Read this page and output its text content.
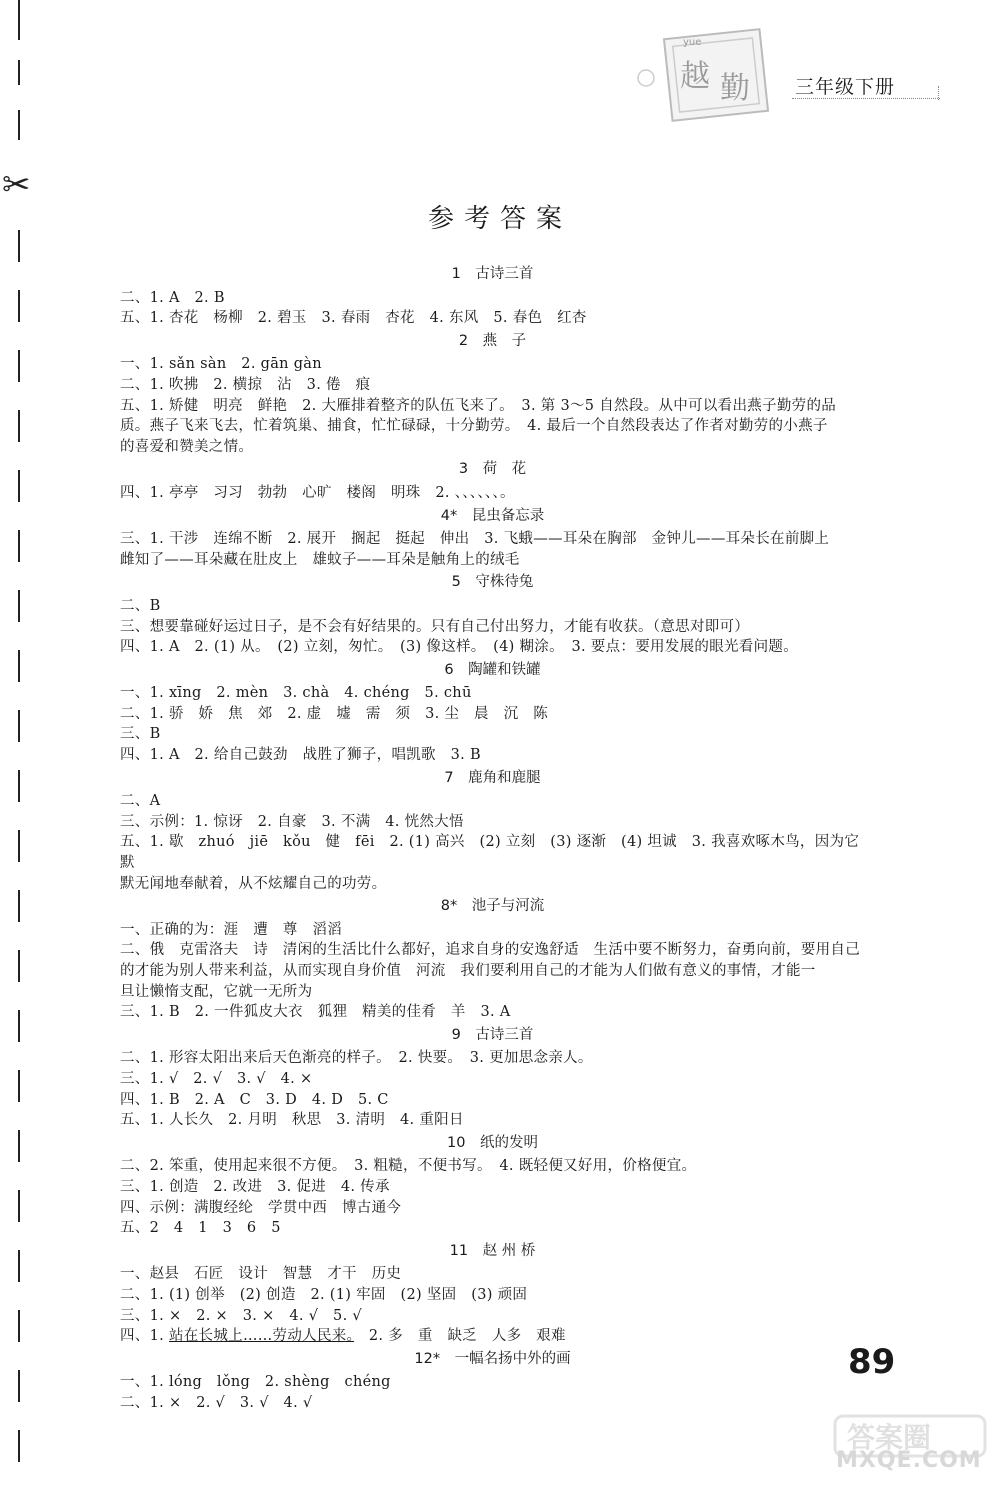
✂
yue
越 勤 三年级下册
参考答案
1　古诗三首
二、1. A　2. B
五、1. 杏花　杨柳　2. 碧玉　3. 春雨　杏花　4. 东风　5. 春色　红杏
2　燕　子
一、1. sǎn sàn　2. gān gàn
二、1. 吹拂　2. 横掠　沾　3. 倦　痕
五、1. 矫健　明亮　鲜艳　2. 大雁排着整齐的队伍飞来了。　3. 第 3～5 自然段。从中可以看出燕子勤劳的品
质。燕子飞来飞去，忙着筑巢、捕食，忙忙碌碌，十分勤劳。　4. 最后一个自然段表达了作者对勤劳的小燕子
的喜爱和赞美之情。
3　荷　花
四、1. 亭亭　习习　勃勃　心旷　楼阁　明珠　2. 、、、、、、。
4*　昆虫备忘录
三、1. 干涉　连绵不断　2. 展开　搁起　挺起　伸出　3. 飞蛾——耳朵在胸部　金钟儿——耳朵长在前脚上
雌知了——耳朵藏在肚皮上　雄蚊子——耳朵是触角上的绒毛
5　守株待兔
二、B
三、想要靠碰好运过日子，是不会有好结果的。只有自己付出努力，才能有收获。（意思对即可）
四、1. A　2. (1) 从。　(2) 立刻，匆忙。　(3) 像这样。　(4) 糊涂。　3. 要点：要用发展的眼光看问题。
6　陶罐和铁罐
一、1. xīng　2. mèn　3. chà　4. chéng　5. chū
二、1. 骄　娇　焦　郊　2. 虚　墟　需　须　3. 尘　晨　沉　陈
三、B
四、1. A　2. 给自己鼓劲　战胜了狮子，唱凯歌　3. B
7　鹿角和鹿腿
二、A
三、示例：1. 惊讶　2. 自豪　3. 不满　4. 恍然大悟
五、1. 歇　zhuó　jiē　kǒu　健　fēi　2. (1) 高兴　(2) 立刻　(3) 逐渐　(4) 坦诚　3. 我喜欢啄木鸟，因为它默
默无闻地奉献着，从不炫耀自己的功劳。
8*　池子与河流
一、正确的为：涯　遭　尊　滔滔
二、俄　克雷洛夫　诗　清闲的生活比什么都好，追求自身的安逸舒适　生活中要不断努力，奋勇向前，要用自己
的才能为别人带来利益，从而实现自身价值　河流　我们要利用自己的才能为人们做有意义的事情，才能一
旦让懒惰支配，它就一无所为
三、1. B　2. 一件狐皮大衣　狐狸　精美的佳肴　羊　3. A
9　古诗三首
二、1. 形容太阳出来后天色渐亮的样子。　2. 快要。　3. 更加思念亲人。
三、1. √　2. √　3. √　4. ×
四、1. B　2. A　C　3. D　4. D　5. C
五、1. 人长久　2. 月明　秋思　3. 清明　4. 重阳日
10　纸的发明
二、2. 笨重，使用起来很不方便。　3. 粗糙，不便书写。　4. 既轻便又好用，价格便宜。
三、1. 创造　2. 改进　3. 促进　4. 传承
四、示例：满腹经纶　学贯中西　博古通今
五、2　4　1　3　6　5
11　赵 州 桥
一、赵县　石匠　设计　智慧　才干　历史
二、1. (1) 创举　(2) 创造　2. (1) 牢固　(2) 坚固　(3) 顽固
三、1. ×　2. ×　3. ×　4. √　5. √
四、1. 站在长城上……劳动人民来。　2. 多　重　缺乏　人多　艰难
12*　一幅名扬中外的画
一、1. lóng　lǒng　2. shèng　chéng
二、1. ×　2. √　3. √　4. √
89
答案圈
MXQE.COM
